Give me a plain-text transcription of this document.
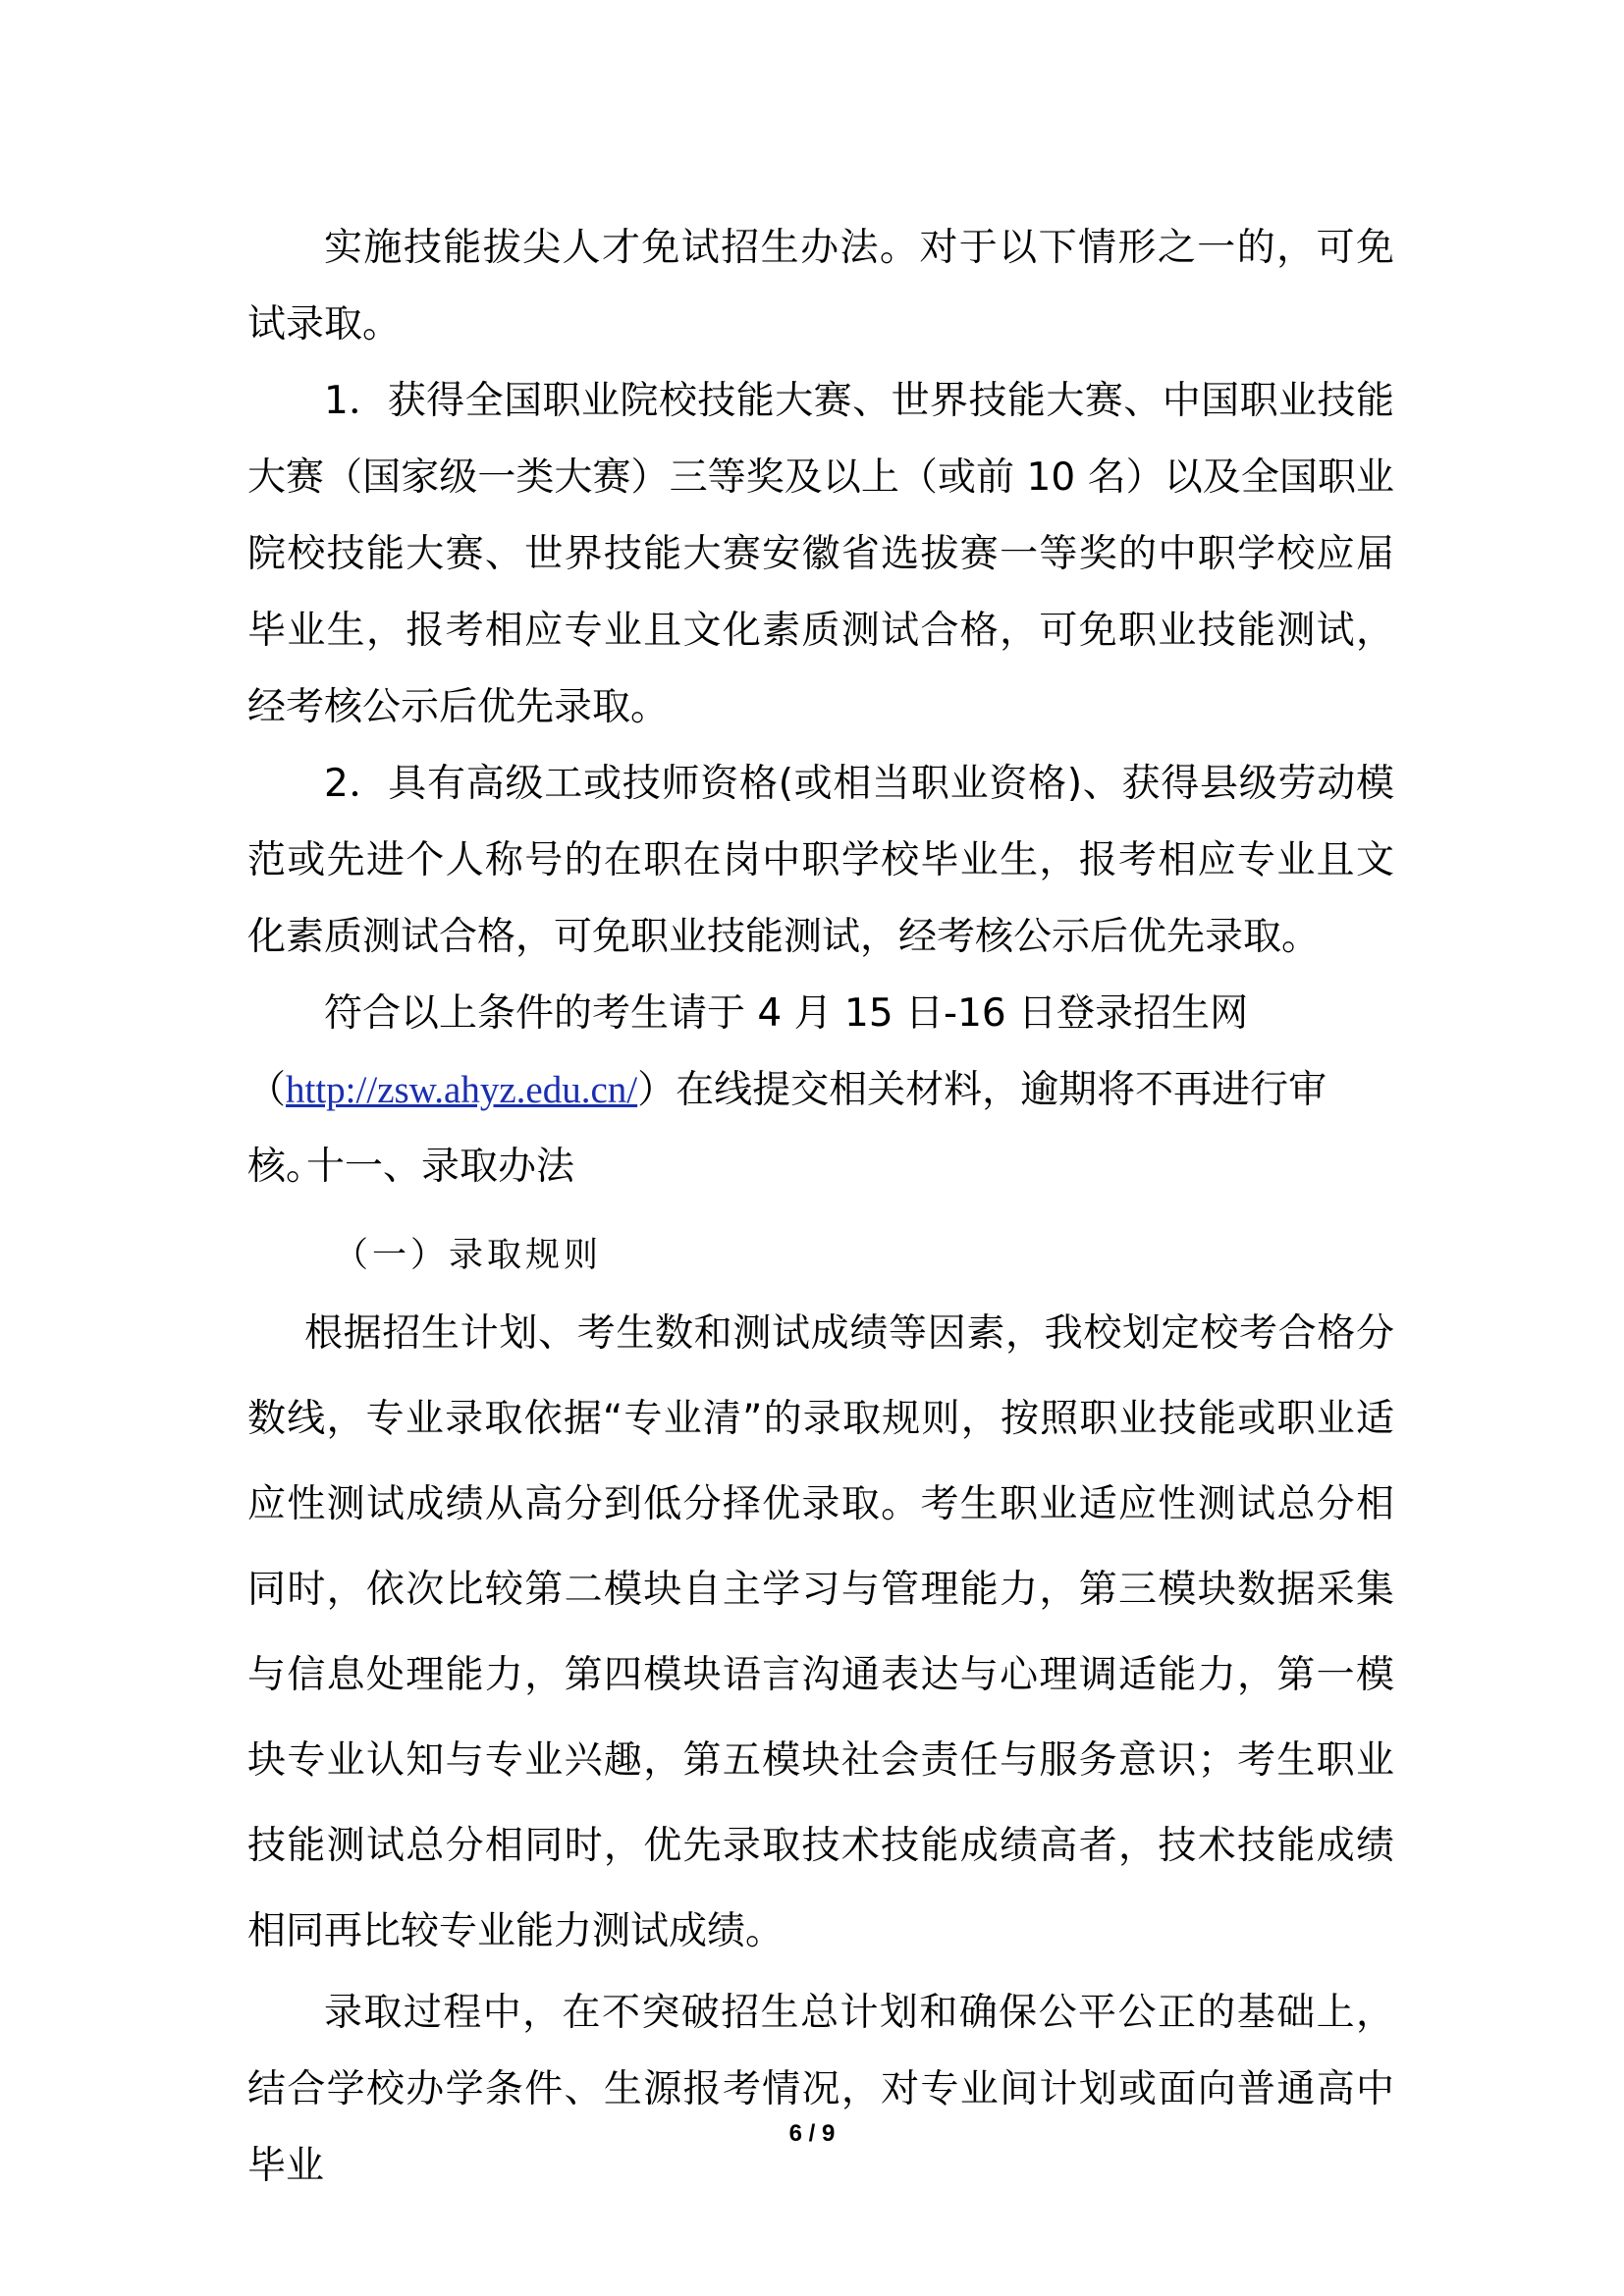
实施技能拔尖人才免试招生办法。对于以下情形之一的，可免试录取。

1．获得全国职业院校技能大赛、世界技能大赛、中国职业技能大赛（国家级一类大赛）三等奖及以上（或前 10 名）以及全国职业院校技能大赛、世界技能大赛安徽省选拔赛一等奖的中职学校应届毕业生，报考相应专业且文化素质测试合格，可免职业技能测试，经考核公示后优先录取。

2．具有高级工或技师资格(或相当职业资格)、获得县级劳动模范或先进个人称号的在职在岗中职学校毕业生，报考相应专业且文化素质测试合格，可免职业技能测试，经考核公示后优先录取。

符合以上条件的考生请于 4 月 15 日-16 日登录招生网
（http://zsw.ahyz.edu.cn/）在线提交相关材料，逾期将不再进行审核。
十一、录取办法
（一）录取规则

根据招生计划、考生数和测试成绩等因素，我校划定校考合格分数线，专业录取依据“专业清”的录取规则，按照职业技能或职业适应性测试成绩从高分到低分择优录取。考生职业适应性测试总分相同时，依次比较第二模块自主学习与管理能力，第三模块数据采集与信息处理能力，第四模块语言沟通表达与心理调适能力，第一模块专业认知与专业兴趣，第五模块社会责任与服务意识；考生职业技能测试总分相同时，优先录取技术技能成绩高者，技术技能成绩相同再比较专业能力测试成绩。

录取过程中，在不突破招生总计划和确保公平公正的基础上，结合学校办学条件、生源报考情况，对专业间计划或面向普通高中毕业

6 / 9
